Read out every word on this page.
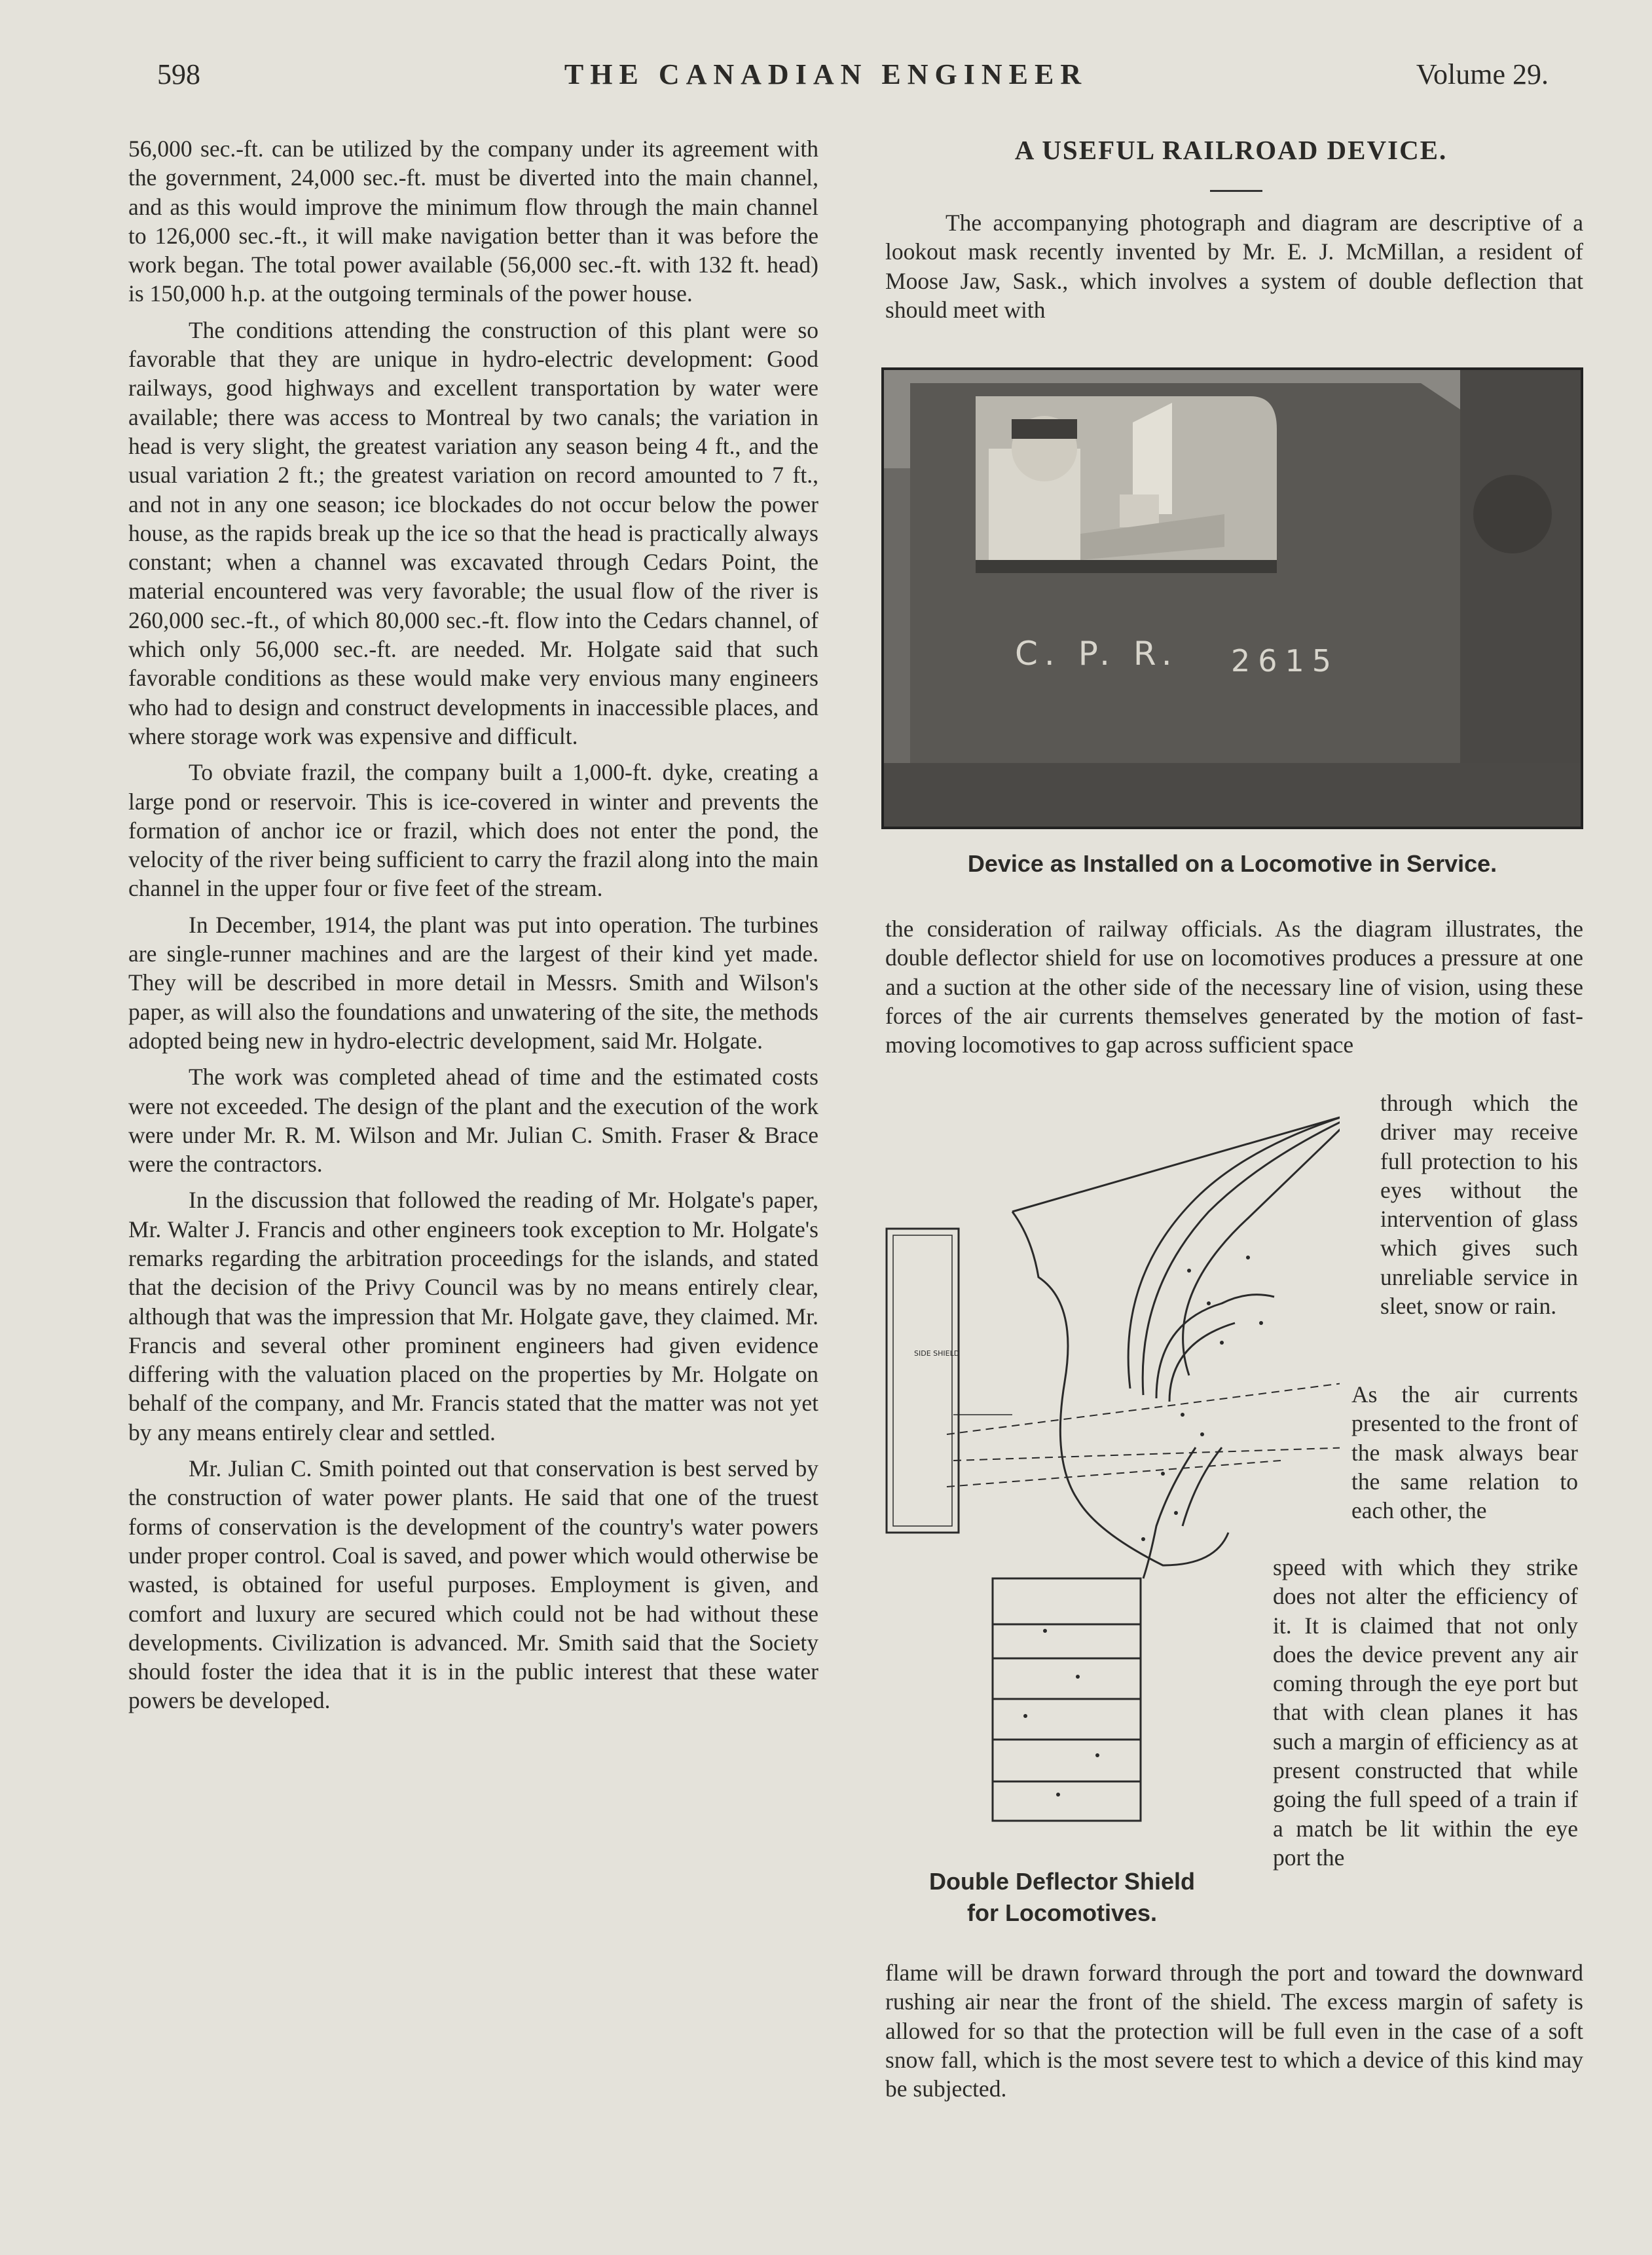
598	THE CANADIAN ENGINEER	Volume 29.

56,000 sec.-ft. can be utilized by the company under its agreement with the government, 24,000 sec.-ft. must be diverted into the main channel, and as this would improve the minimum flow through the main channel to 126,000 sec.-ft., it will make navigation better than it was before the work began. The total power available (56,000 sec.-ft. with 132 ft. head) is 150,000 h.p. at the outgoing terminals of the power house.

The conditions attending the construction of this plant were so favorable that they are unique in hydro-electric development: Good railways, good highways and excellent transportation by water were available; there was access to Montreal by two canals; the variation in head is very slight, the greatest variation any season being 4 ft., and the usual variation 2 ft.; the greatest variation on record amounted to 7 ft., and not in any one season; ice blockades do not occur below the power house, as the rapids break up the ice so that the head is practically always constant; when a channel was excavated through Cedars Point, the material encountered was very favorable; the usual flow of the river is 260,000 sec.-ft., of which 80,000 sec.-ft. flow into the Cedars channel, of which only 56,000 sec.-ft. are needed. Mr. Holgate said that such favorable conditions as these would make very envious many engineers who had to design and construct developments in inaccessible places, and where storage work was expensive and difficult.

To obviate frazil, the company built a 1,000-ft. dyke, creating a large pond or reservoir. This is ice-covered in winter and prevents the formation of anchor ice or frazil, which does not enter the pond, the velocity of the river being sufficient to carry the frazil along into the main channel in the upper four or five feet of the stream.

In December, 1914, the plant was put into operation. The turbines are single-runner machines and are the largest of their kind yet made. They will be described in more detail in Messrs. Smith and Wilson's paper, as will also the foundations and unwatering of the site, the methods adopted being new in hydro-electric development, said Mr. Holgate.

The work was completed ahead of time and the estimated costs were not exceeded. The design of the plant and the execution of the work were under Mr. R. M. Wilson and Mr. Julian C. Smith. Fraser & Brace were the contractors.

In the discussion that followed the reading of Mr. Holgate's paper, Mr. Walter J. Francis and other engineers took exception to Mr. Holgate's remarks regarding the arbitration proceedings for the islands, and stated that the decision of the Privy Council was by no means entirely clear, although that was the impression that Mr. Holgate gave, they claimed. Mr. Francis and several other prominent engineers had given evidence differing with the valuation placed on the properties by Mr. Holgate on behalf of the company, and Mr. Francis stated that the matter was not yet by any means entirely clear and settled.

Mr. Julian C. Smith pointed out that conservation is best served by the construction of water power plants. He said that one of the truest forms of conservation is the development of the country's water powers under proper control. Coal is saved, and power which would otherwise be wasted, is obtained for useful purposes. Employment is given, and comfort and luxury are secured which could not be had without these developments. Civilization is advanced. Mr. Smith said that the Society should foster the idea that it is in the public interest that these water powers be developed.

A USEFUL RAILROAD DEVICE.

The accompanying photograph and diagram are descriptive of a lookout mask recently invented by Mr. E. J. McMillan, a resident of Moose Jaw, Sask., which involves a system of double deflection that should meet with

C. P. R. 2615
Device as Installed on a Locomotive in Service.

the consideration of railway officials. As the diagram illustrates, the double deflector shield for use on locomotives produces a pressure at one and a suction at the other side of the necessary line of vision, using these forces of the air currents themselves generated by the motion of fast-moving locomotives to gap across sufficient space

through which the driver may receive full protection to his eyes without the intervention of glass which gives such unreliable service in sleet, snow or rain.
As the air currents presented to the front of the mask always bear the same relation to each other, the
speed with which they strike does not alter the efficiency of it. It is claimed that not only does the device prevent any air coming through the eye port but that with clean planes it has such a margin of efficiency as at present constructed that while going the full speed of a train if a match be lit within the eye port the
SIDE SHIELD
Double Deflector Shield
for Locomotives.
flame will be drawn forward through the port and toward the downward rushing air near the front of the shield. The excess margin of safety is allowed for so that the protection will be full even in the case of a soft snow fall, which is the most severe test to which a device of this kind may be subjected.
